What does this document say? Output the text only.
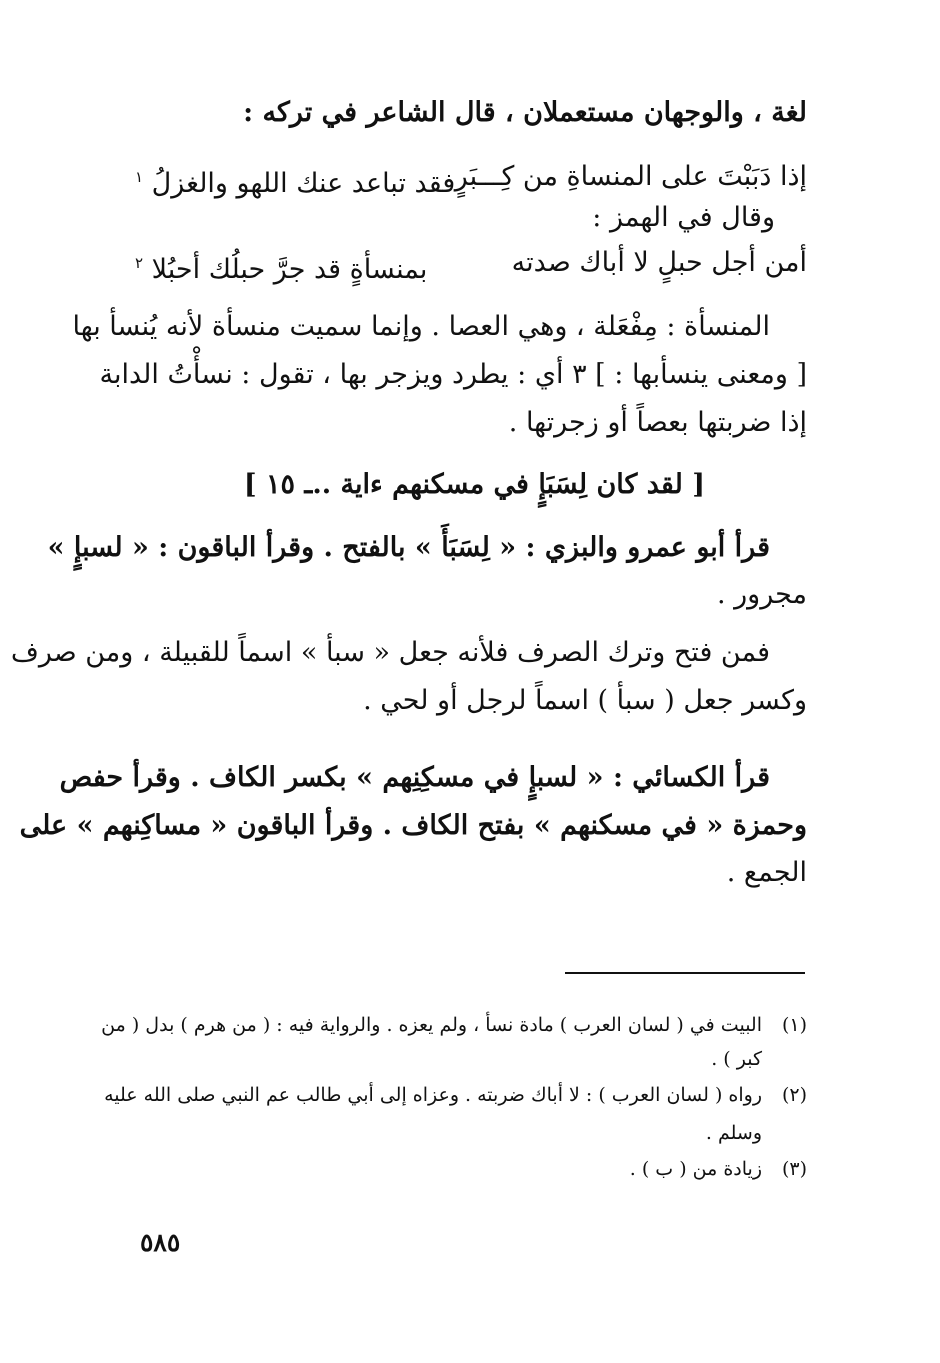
لغة ، والوجهان مستعملان ، قال الشاعر في تركه :
إذا دَبَبْتَ على المنساةِ من كِـــبَرٍ
فقد تباعد عنك اللهو والغزلُ $^١$
وقال في الهمز :
أمن أجل حبلٍ لا أباك صدته
بمنسأةٍ قد جرَّ حبلُك أحبُلا $^٢$
المنسأة : مِفْعَلة ، وهي العصا . وإنما سميت منسأة لأنه يُنسأ بها
[ ومعنى ينسأبها : ] ٣ أي : يطرد ويزجر بها ، تقول : نسأْتُ الدابة
إذا ضربتها بعصاً أو زجرتها .
[ لقد كان لِسَبَإٍ في مسكنهم ءاية ..ـ ١٥ ]
قرأ أبو عمرو والبزي : « لِسَبَأَ » بالفتح . وقرأ الباقون : « لسبإٍ »
مجرور .
فمن فتح وترك الصرف فلأنه جعل « سبأ » اسماً للقبيلة ، ومن صرف
وكسر جعل ( سبأ ) اسماً لرجل أو لحي .
قرأ الكسائي : « لسبإٍ في مسكِنِهم » بكسر الكاف . وقرأ حفص
وحمزة « في مسكنهم » بفتح الكاف . وقرأ الباقون « مساكِنهم » على
الجمع .
(١)
البيت في ( لسان العرب ) مادة نسأ ، ولم يعزه . والرواية فيه : ( من هرم ) بدل ( من
كبر ) .
(٢)
رواه ( لسان العرب ) : لا أباك ضربته . وعزاه إلى أبي طالب عم النبي صلى الله عليه
وسلم .
(٣)
زيادة من ( ب ) .
٥٨٥
